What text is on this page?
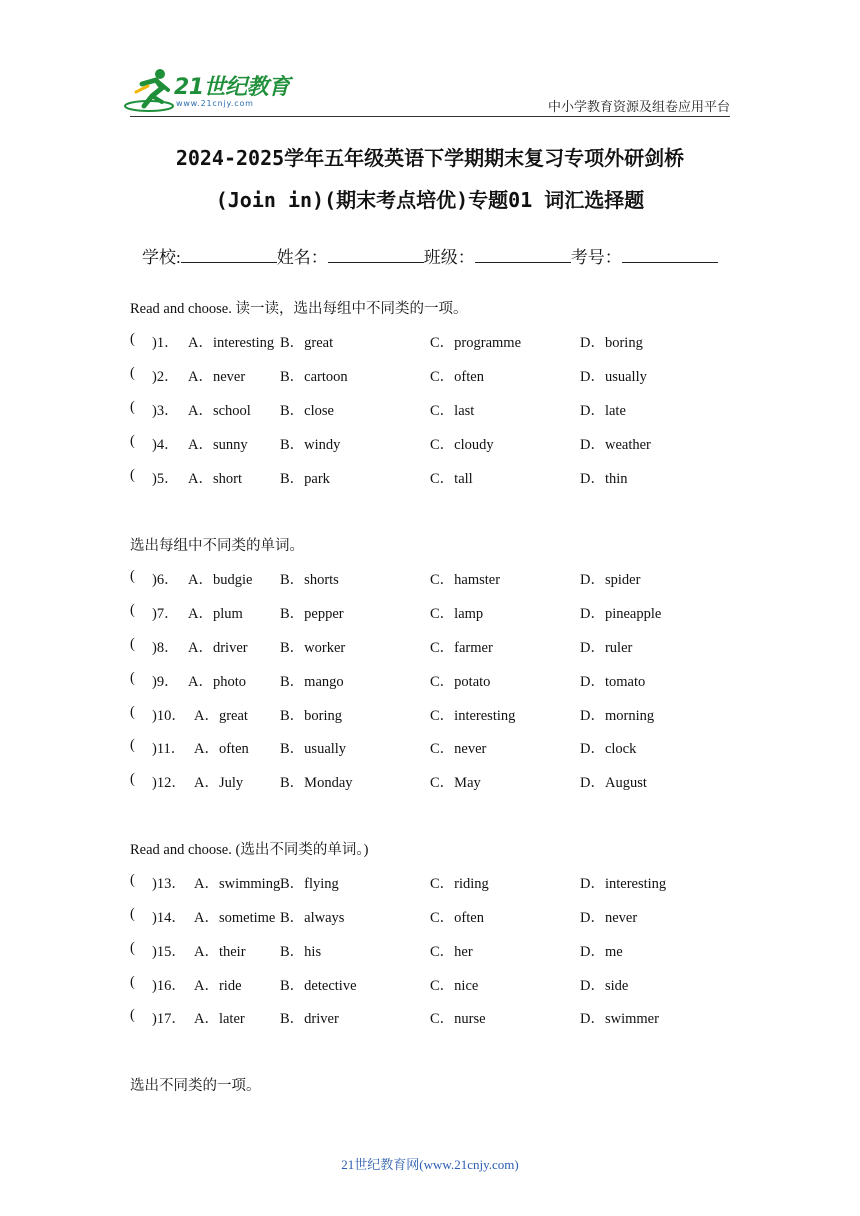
21世纪教育
www.21cnjy.com	中小学教育资源及组卷应用平台
2024-2025学年五年级英语下学期期末复习专项外研剑桥
(Join in)(期末考点培优)专题01 词汇选择题
学校:	姓名：	班级：	考号：
Read and choose. 读一读，选出每组中不同类的一项。
( )1． A．interesting B．great	C．programme	D．boring
( )2． A．never B．cartoon	C．often	D．usually
( )3． A．school B．close	C．last	D．late
( )4． A．sunny B．windy	C．cloudy	D．weather
( )5． A．short	B．park	C．tall	D．thin
选出每组中不同类的单词。
( )6． A．budgie B．shorts	C．hamster	D．spider
( )7． A．plum	B．pepper	C．lamp	D．pineapple
( )8． A．driver B．worker	C．farmer	D．ruler
( )9． A．photo B．mango	C．potato	D．tomato
( )10． A．great B．boring	C．interesting	D．morning
( )11． A．often B．usually	C．never	D．clock
( )12． A．July	B．Monday	C．May	D．August
Read and choose. (选出不同类的单词。)
( )13． A．swimming B．flying	C．riding	D．interesting
( )14． A．sometime B．always	C．often	D．never
( )15． A．their B．his	C．her	D．me
( )16． A．ride	B．detective	C．nice	D．side
( )17． A．later B．driver	C．nurse	D．swimmer
选出不同类的一项。
21世纪教育网(www.21cnjy.com)
